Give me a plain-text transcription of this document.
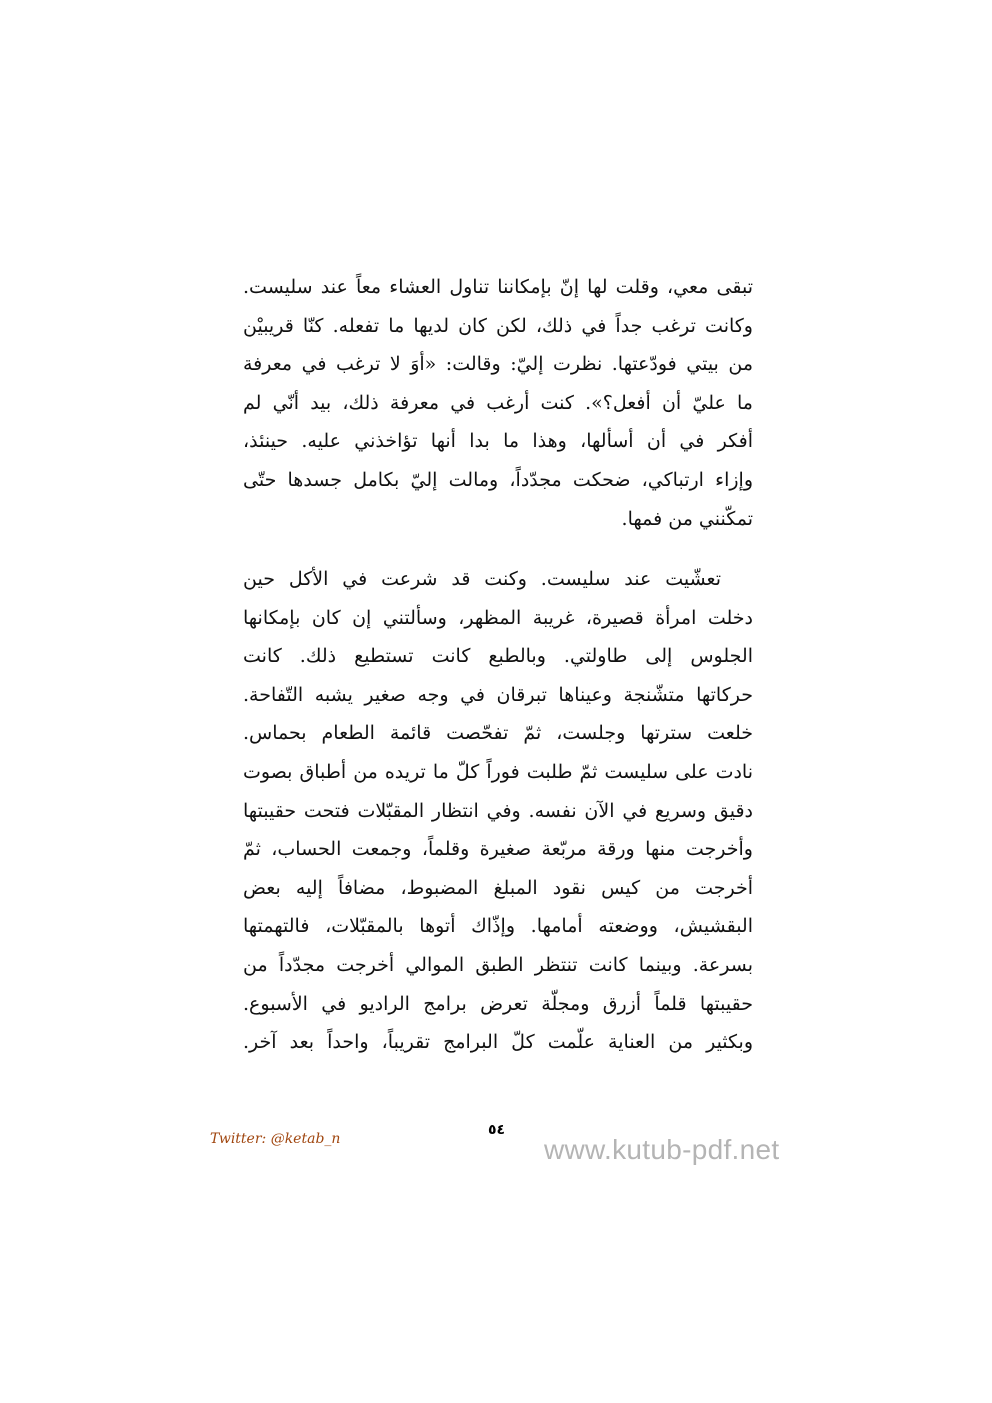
تبقى معي، وقلت لها إنّ بإمكاننا تناول العشاء معاً عند سليست.
وكانت ترغب جداً في ذلك، لكن كان لديها ما تفعله. كنّا قريبيْن
من بيتي فودّعتها. نظرت إليّ: وقالت: «أوَ لا ترغب في معرفة
ما عليّ أن أفعل؟». كنت أرغب في معرفة ذلك، بيد أنّي لم
أفكر في أن أسألها، وهذا ما بدا أنها تؤاخذني عليه. حينئذ،
وإزاء ارتباكي، ضحكت مجدّداً، ومالت إليّ بكامل جسدها حتّى
تمكّنني من فمها.
تعشّيت عند سليست. وكنت قد شرعت في الأكل حين
دخلت امرأة قصيرة، غريبة المظهر، وسألتني إن كان بإمكانها
الجلوس إلى طاولتي. وبالطبع كانت تستطيع ذلك. كانت
حركاتها متشّنجة وعيناها تبرقان في وجه صغير يشبه التّفاحة.
خلعت سترتها وجلست، ثمّ تفحّصت قائمة الطعام بحماس.
نادت على سليست ثمّ طلبت فوراً كلّ ما تريده من أطباق بصوت
دقيق وسريع في الآن نفسه. وفي انتظار المقبّلات فتحت حقيبتها
وأخرجت منها ورقة مربّعة صغيرة وقلماً، وجمعت الحساب، ثمّ
أخرجت من كيس نقود المبلغ المضبوط، مضافاً إليه بعض
البقشيش، ووضعته أمامها. وإذّاك أتوها بالمقبّلات، فالتهمتها
بسرعة. وبينما كانت تنتظر الطبق الموالي أخرجت مجدّداً من
حقيبتها قلماً أزرق ومجلّة تعرض برامج الراديو في الأسبوع.
وبكثير من العناية علّمت كلّ البرامج تقريباً، واحداً بعد آخر.
Twitter: @ketab_n
٥٤
www.kutub-pdf.net
